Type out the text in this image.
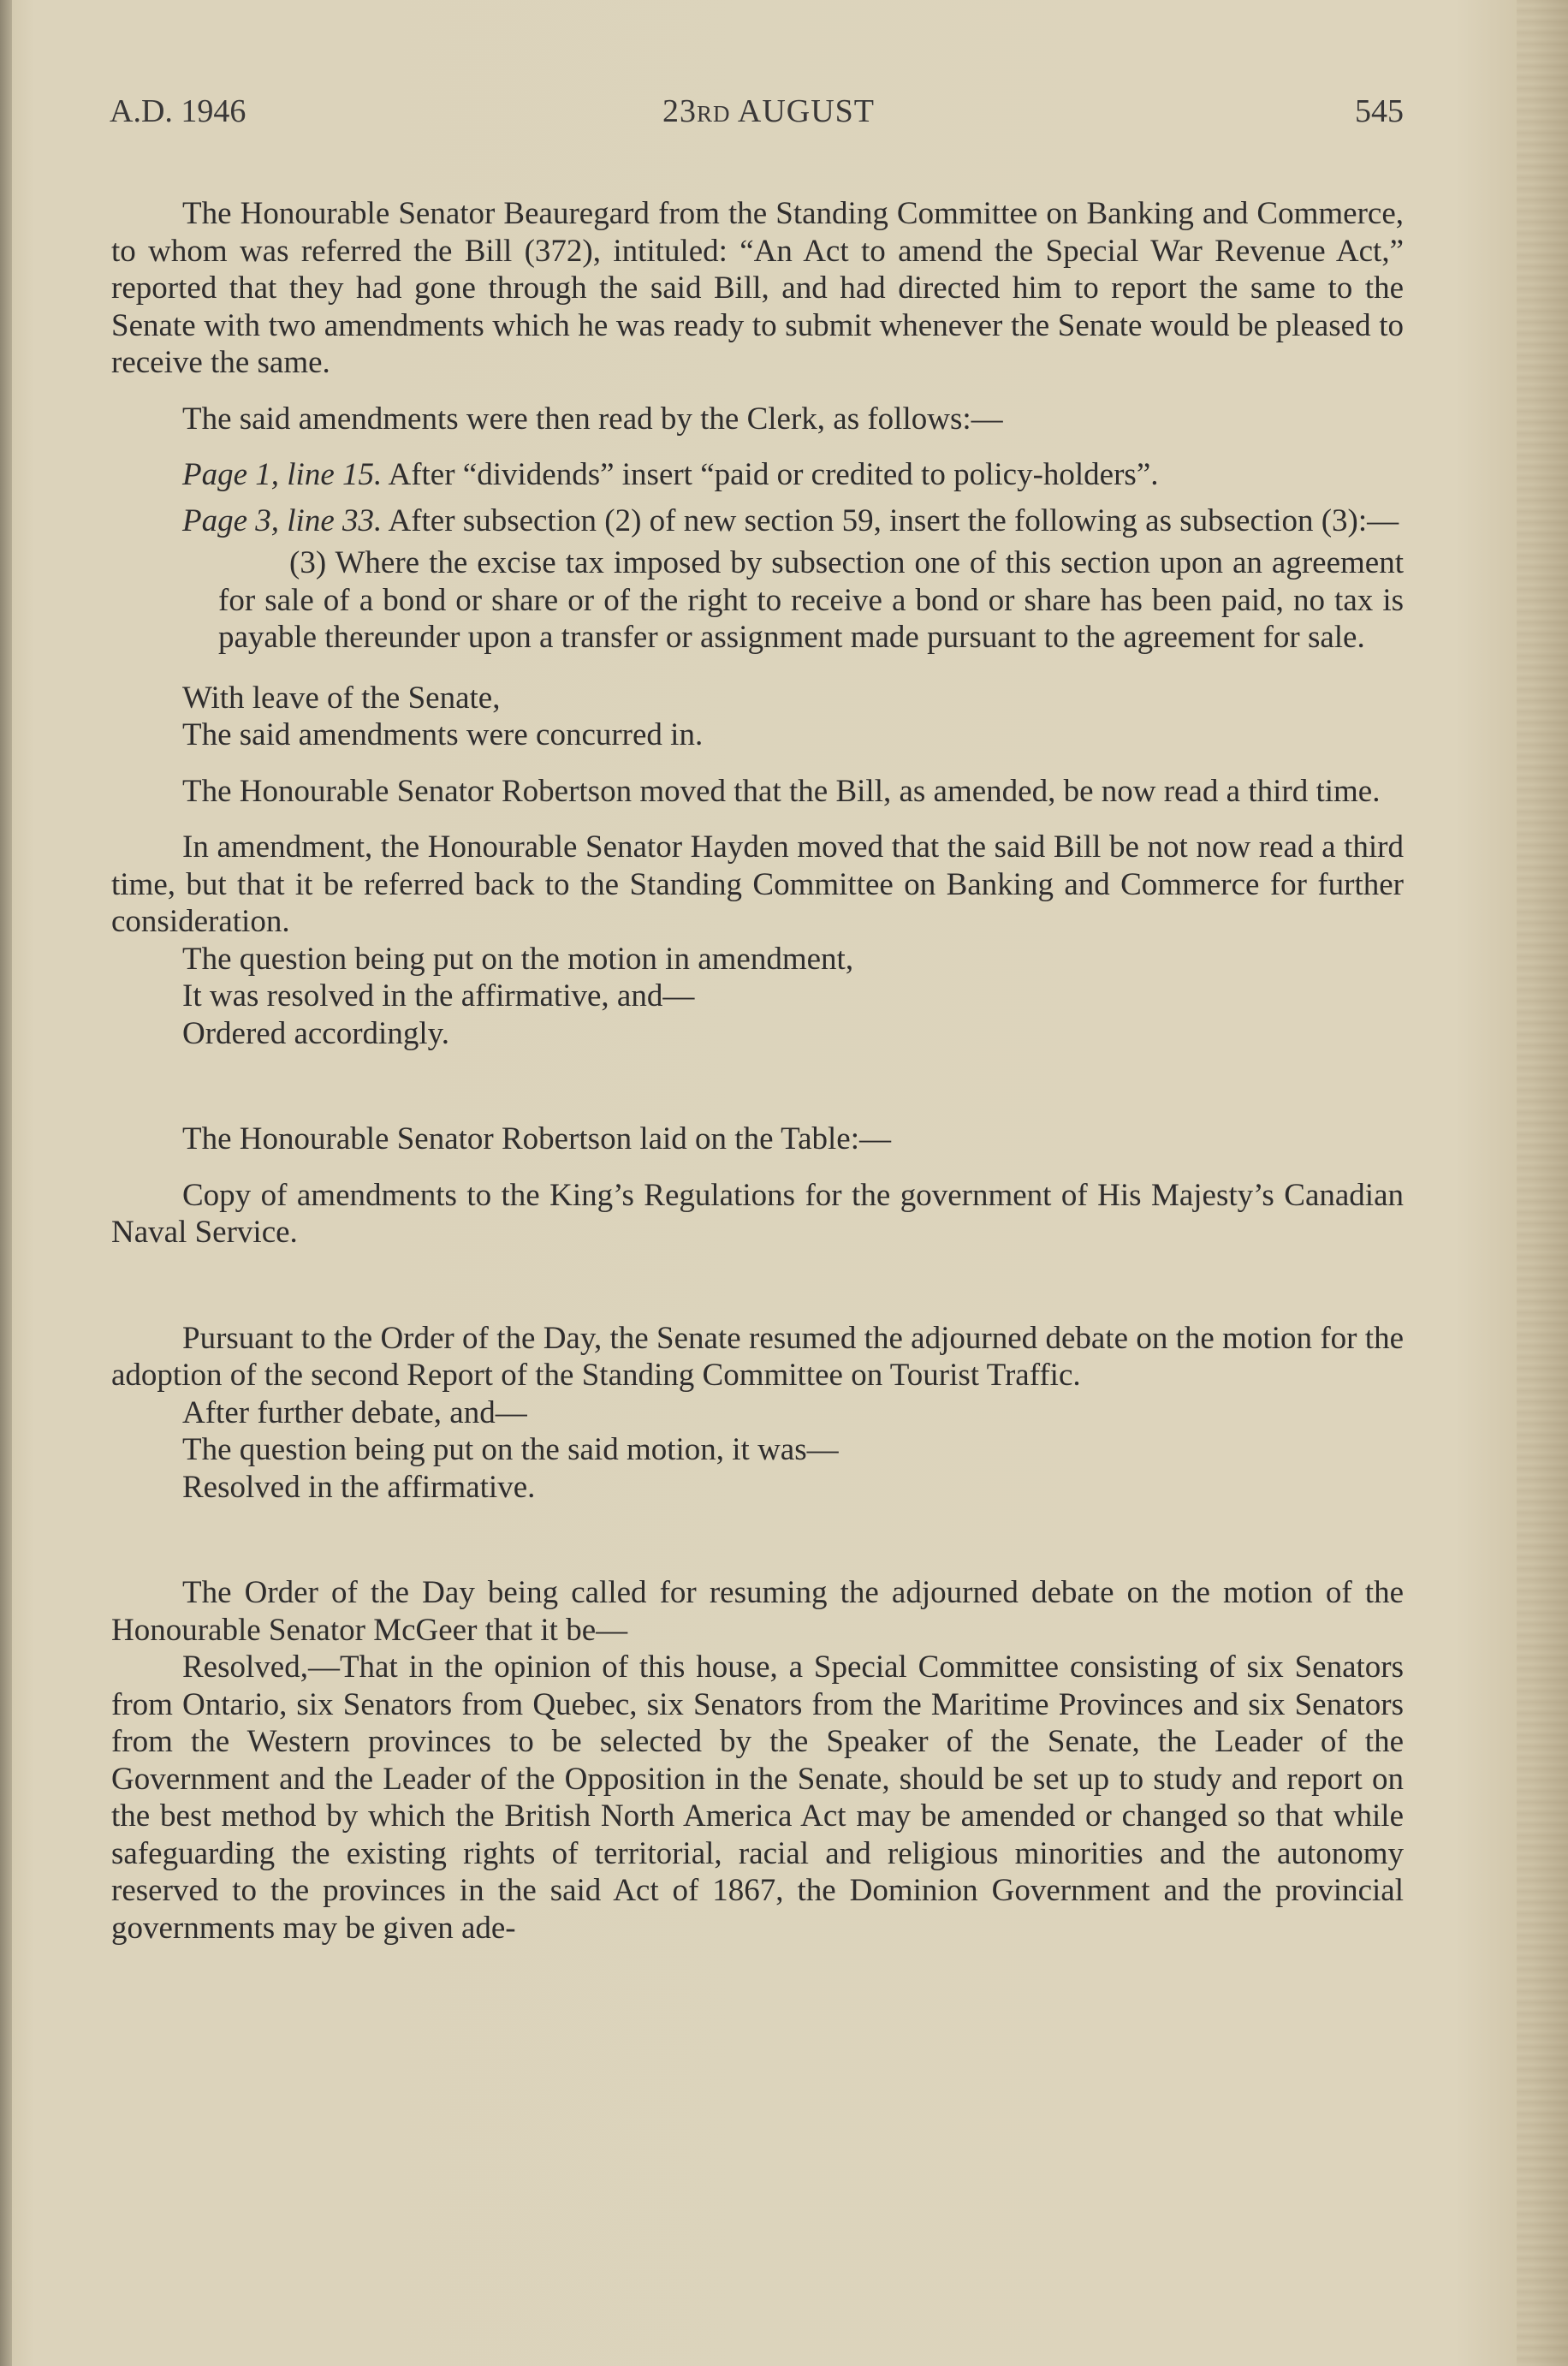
A.D. 1946	23RD AUGUST	545

The Honourable Senator Beauregard from the Standing Committee on Banking and Commerce, to whom was referred the Bill (372), intituled: “An Act to amend the Special War Revenue Act,” reported that they had gone through the said Bill, and had directed him to report the same to the Senate with two amendments which he was ready to submit whenever the Senate would be pleased to receive the same.

The said amendments were then read by the Clerk, as follows:—

Page 1, line 15. After “dividends” insert “paid or credited to policy-holders”.

Page 3, line 33. After subsection (2) of new section 59, insert the following as subsection (3):—

(3) Where the excise tax imposed by subsection one of this section upon an agreement for sale of a bond or share or of the right to receive a bond or share has been paid, no tax is payable thereunder upon a transfer or assignment made pursuant to the agreement for sale.

With leave of the Senate,

The said amendments were concurred in.

The Honourable Senator Robertson moved that the Bill, as amended, be now read a third time.

In amendment, the Honourable Senator Hayden moved that the said Bill be not now read a third time, but that it be referred back to the Standing Committee on Banking and Commerce for further consideration.

The question being put on the motion in amendment,

It was resolved in the affirmative, and—

Ordered accordingly.

The Honourable Senator Robertson laid on the Table:—

Copy of amendments to the King’s Regulations for the government of His Majesty’s Canadian Naval Service.

Pursuant to the Order of the Day, the Senate resumed the adjourned debate on the motion for the adoption of the second Report of the Standing Committee on Tourist Traffic.

After further debate, and—

The question being put on the said motion, it was—

Resolved in the affirmative.

The Order of the Day being called for resuming the adjourned debate on the motion of the Honourable Senator McGeer that it be—

Resolved,—That in the opinion of this house, a Special Committee consisting of six Senators from Ontario, six Senators from Quebec, six Senators from the Maritime Provinces and six Senators from the Western provinces to be selected by the Speaker of the Senate, the Leader of the Government and the Leader of the Opposition in the Senate, should be set up to study and report on the best method by which the British North America Act may be amended or changed so that while safeguarding the existing rights of territorial, racial and religious minorities and the autonomy reserved to the provinces in the said Act of 1867, the Dominion Government and the provincial governments may be given ade-
